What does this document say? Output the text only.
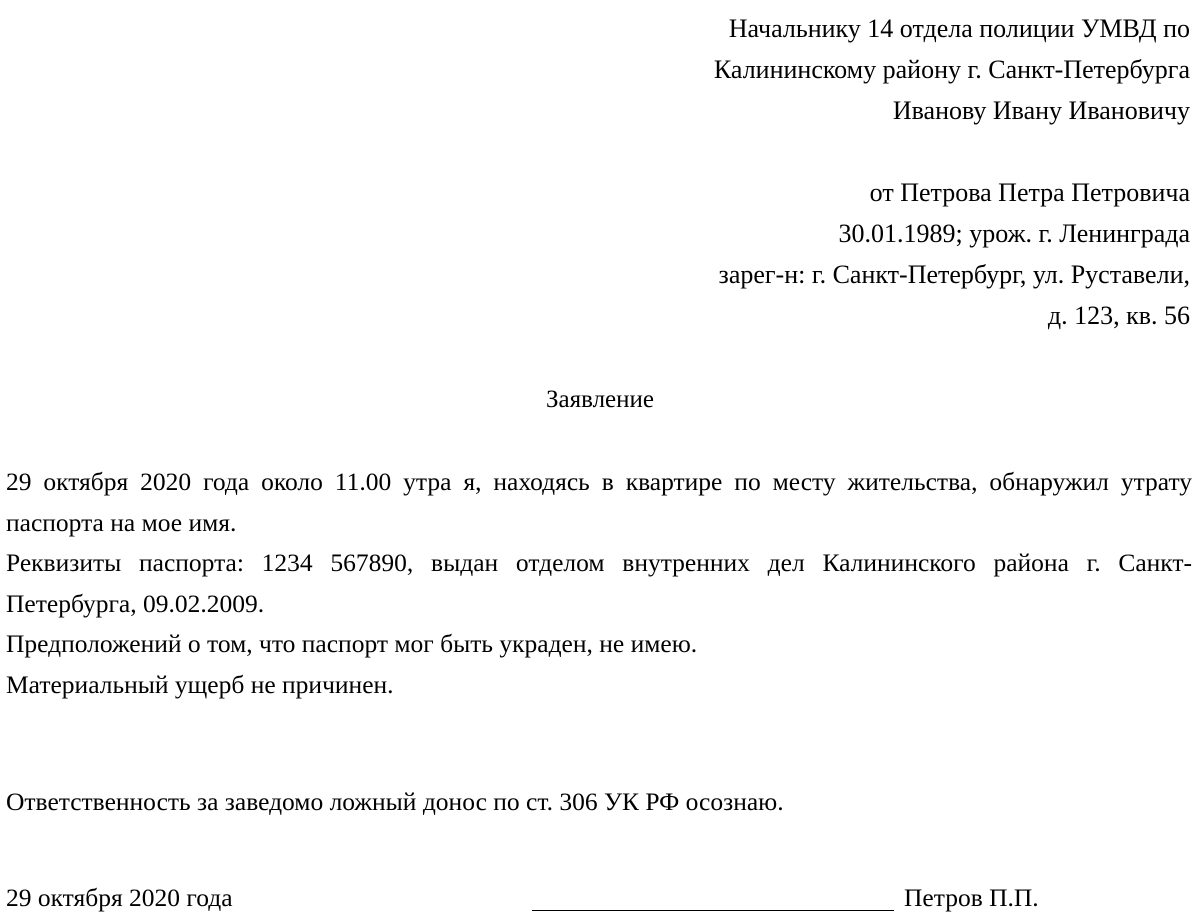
Начальнику 14 отдела полиции УМВД по
Калининскому району г. Санкт-Петербурга
Иванову Ивану Ивановичу
от Петрова Петра Петровича
30.01.1989; урож. г. Ленинграда
зарег-н: г. Санкт-Петербург, ул. Руставели,
д. 123, кв. 56
Заявление
29 октября 2020 года около 11.00 утра я, находясь в квартире по месту жительства, обнаружил утрату паспорта на мое имя.
Реквизиты паспорта: 1234 567890, выдан отделом внутренних дел Калининского района г. Санкт-Петербурга, 09.02.2009.
Предположений о том, что паспорт мог быть украден, не имею.
Материальный ущерб не причинен.
Ответственность за заведомо ложный донос по ст. 306 УК РФ осознаю.
29 октября 2020 года	Петров П.П.
